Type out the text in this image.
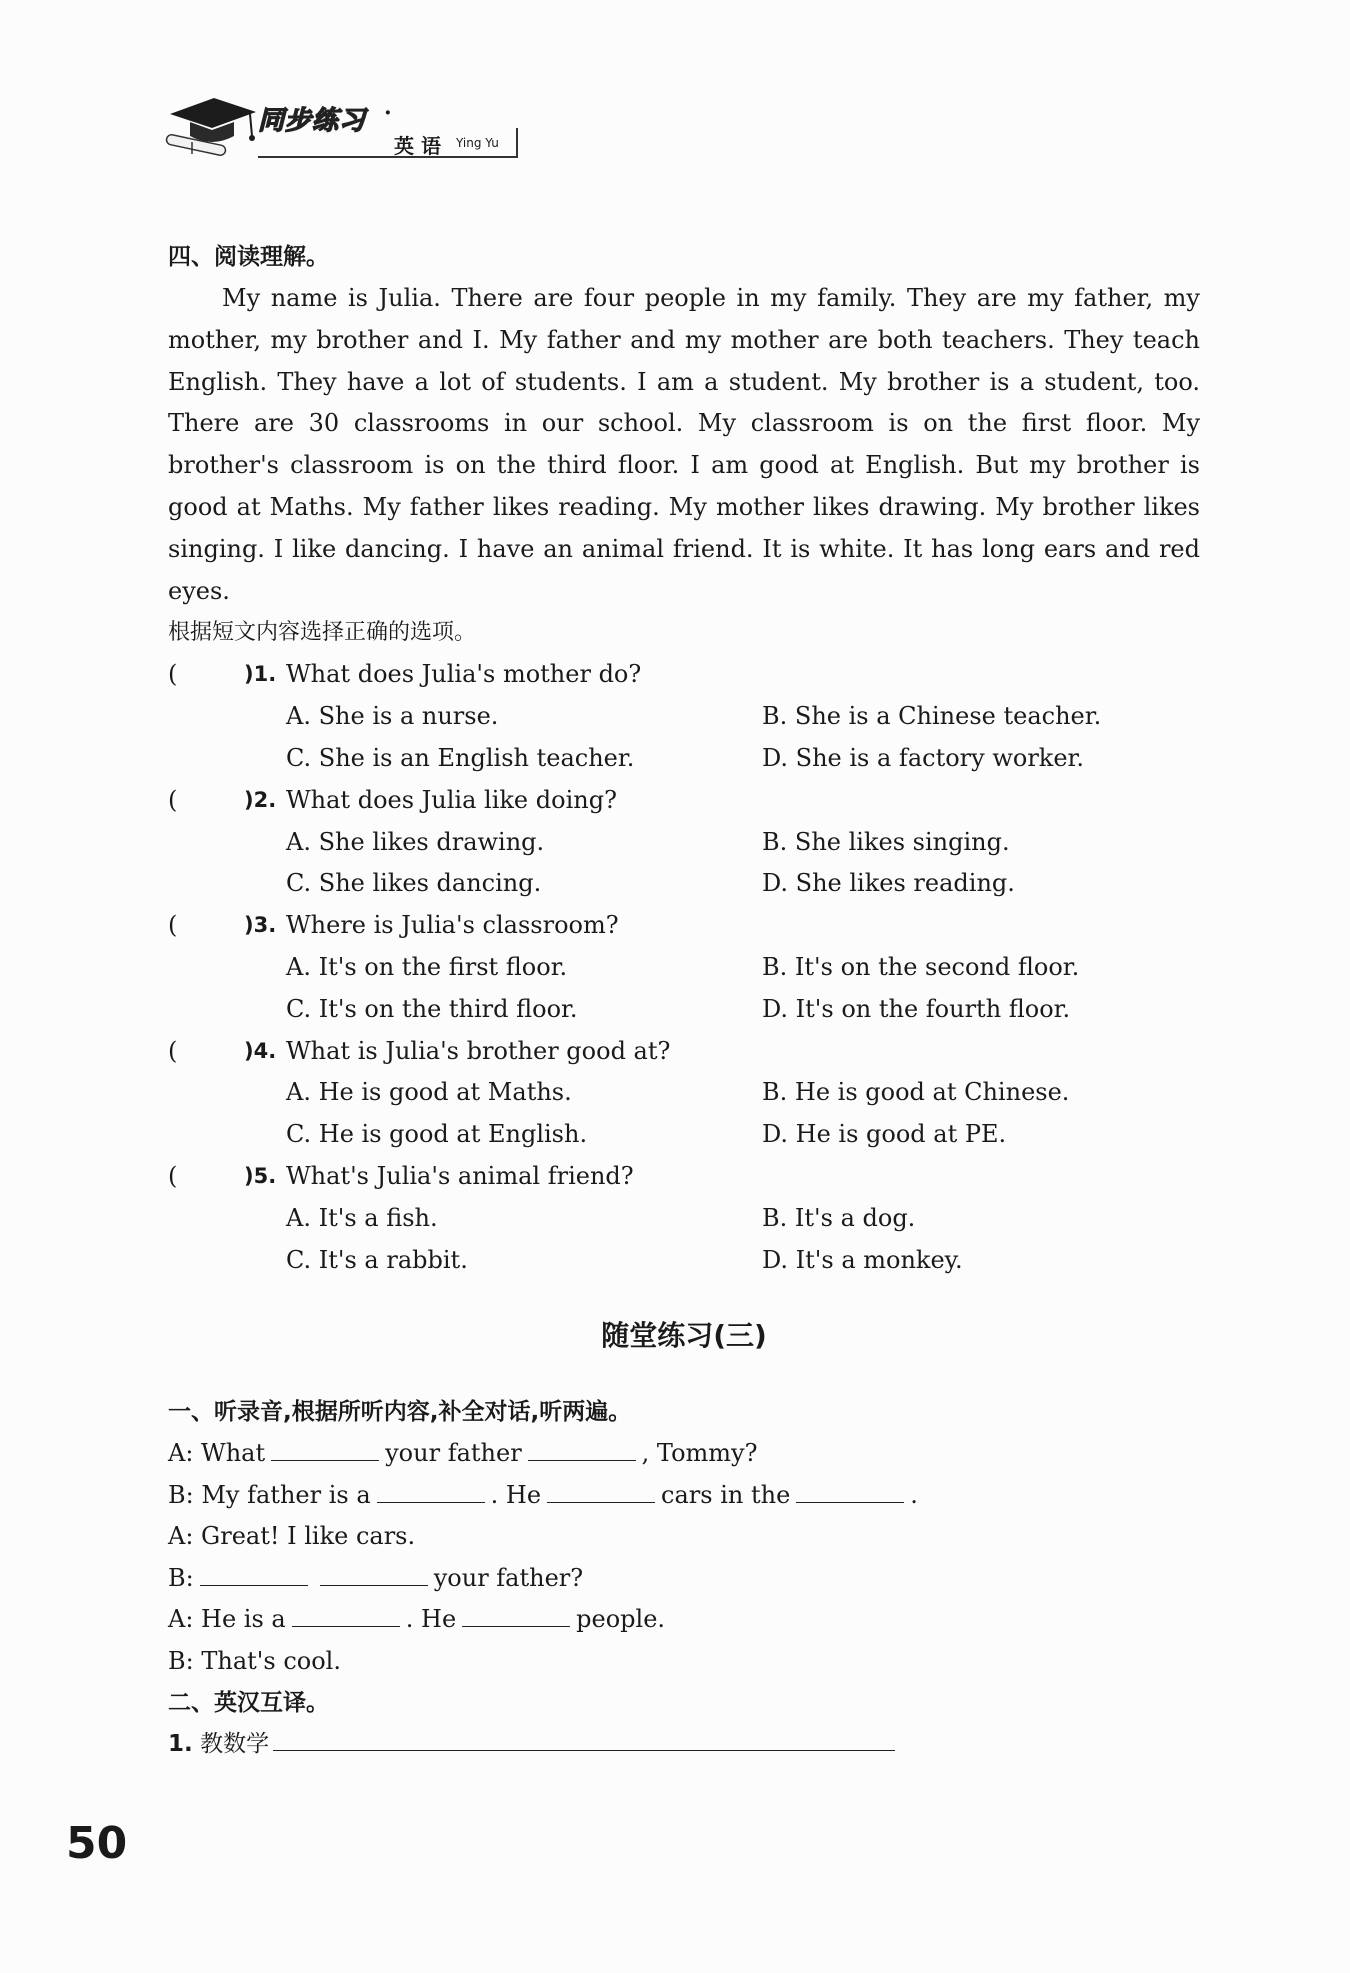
同步练习 ·
英 语 Ying Yu
四、阅读理解。

My name is Julia. There are four people in my family. They are my father, my mother, my brother and I. My father and my mother are both teachers. They teach English. They have a lot of students. I am a student. My brother is a student, too. There are 30 classrooms in our school. My classroom is on the first floor. My brother's classroom is on the third floor. I am good at English. But my brother is good at Maths. My father likes reading. My mother likes drawing. My brother likes singing. I like dancing. I have an animal friend. It is white. It has long ears and red eyes.

根据短文内容选择正确的选项。
(	)1. What does Julia's mother do?
A. She is a nurse.	B. She is a Chinese teacher.
C. She is an English teacher.	D. She is a factory worker.
(	)2. What does Julia like doing?
A. She likes drawing.	B. She likes singing.
C. She likes dancing.	D. She likes reading.
(	)3. Where is Julia's classroom?
A. It's on the first floor.	B. It's on the second floor.
C. It's on the third floor.	D. It's on the fourth floor.
(	)4. What is Julia's brother good at?
A. He is good at Maths.	B. He is good at Chinese.
C. He is good at English.	D. He is good at PE.
(	)5. What's Julia's animal friend?
A. It's a fish.	B. It's a dog.
C. It's a rabbit.	D. It's a monkey.
随堂练习(三)
一、听录音,根据所听内容,补全对话,听两遍。
A: What	your father	, Tommy?
B: My father is a	. He	cars in the	.
A: Great! I like cars.
B:	your father?
A: He is a	. He	people.
B: That's cool.
二、英汉互译。
1. 教数学
50
